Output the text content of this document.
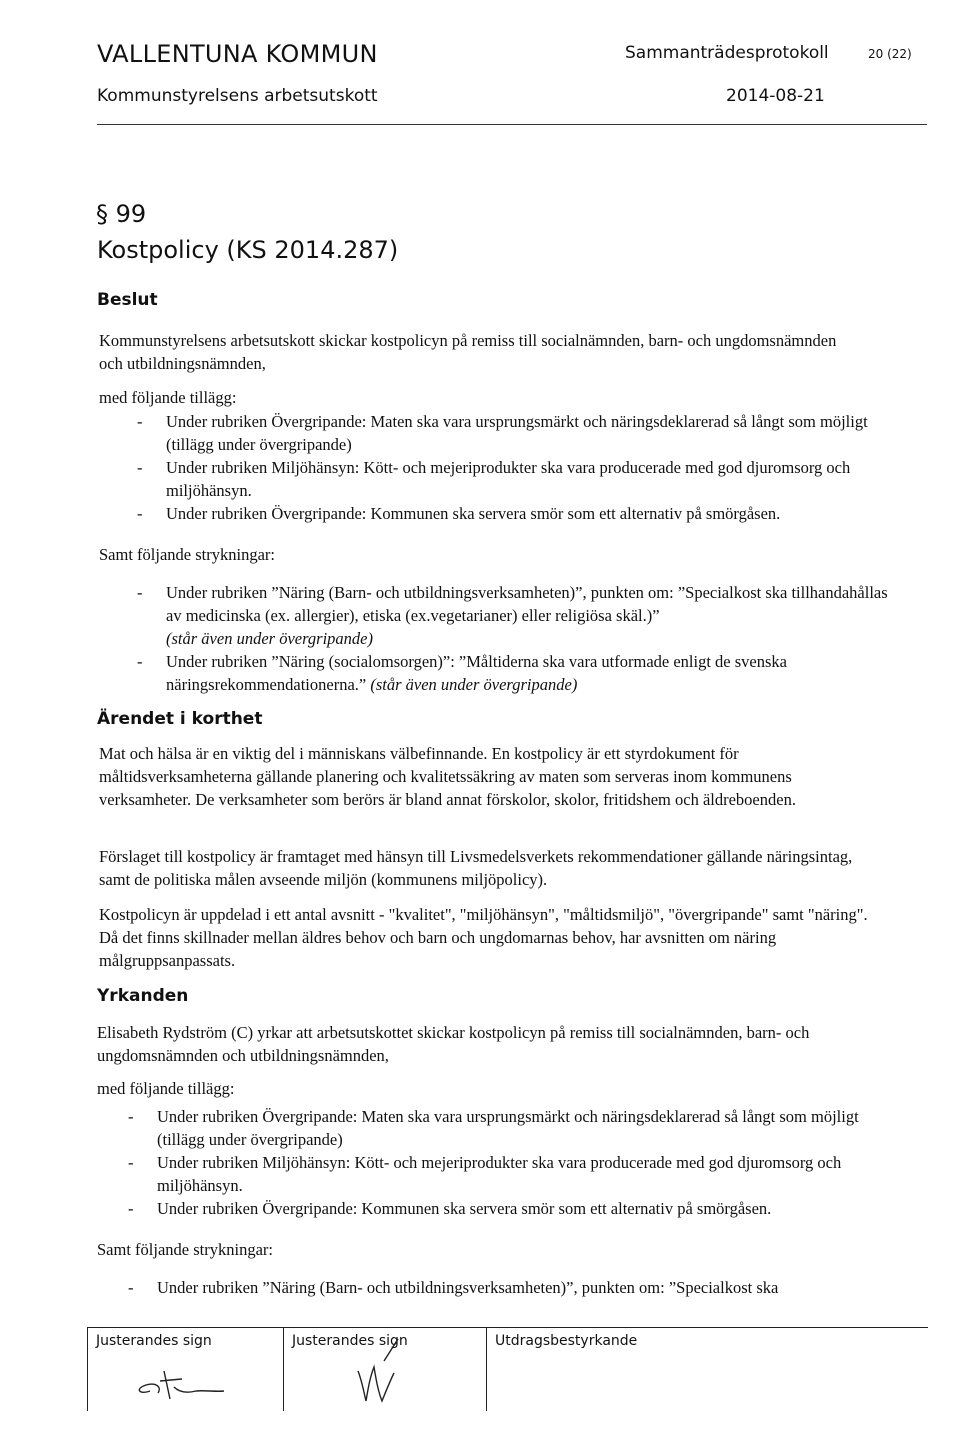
VALLENTUNA KOMMUN	Sammanträdesprotokoll	20 (22)
Kommunstyrelsens arbetsutskott	2014-08-21
§ 99
Kostpolicy (KS 2014.287)
Beslut

Kommunstyrelsens arbetsutskott skickar kostpolicyn på remiss till socialnämnden, barn- och ungdomsnämnden och utbildningsnämnden,

med följande tillägg:

- Under rubriken Övergripande: Maten ska vara ursprungsmärkt och näringsdeklarerad så långt som möjligt (tillägg under övergripande)
- Under rubriken Miljöhänsyn: Kött- och mejeriprodukter ska vara producerade med god djuromsorg och miljöhänsyn.
- Under rubriken Övergripande: Kommunen ska servera smör som ett alternativ på smörgåsen.

Samt följande strykningar:

- Under rubriken ”Näring (Barn- och utbildningsverksamheten)”, punkten om: ”Specialkost ska tillhandahållas av medicinska (ex. allergier), etiska (ex.vegetarianer) eller religiösa skäl.)”
(står även under övergripande)
- Under rubriken ”Näring (socialomsorgen)”: ”Måltiderna ska vara utformade enligt de svenska näringsrekommendationerna.” (står även under övergripande)
Ärendet i korthet

Mat och hälsa är en viktig del i människans välbefinnande. En kostpolicy är ett styrdokument för måltidsverksamheterna gällande planering och kvalitetssäkring av maten som serveras inom kommunens verksamheter. De verksamheter som berörs är bland annat förskolor, skolor, fritidshem och äldreboenden.

Förslaget till kostpolicy är framtaget med hänsyn till Livsmedelsverkets rekommendationer gällande näringsintag, samt de politiska målen avseende miljön (kommunens miljöpolicy).

Kostpolicyn är uppdelad i ett antal avsnitt - "kvalitet", "miljöhänsyn", "måltidsmiljö", "övergripande" samt "näring". Då det finns skillnader mellan äldres behov och barn och ungdomarnas behov, har avsnitten om näring målgruppsanpassats.

Yrkanden

Elisabeth Rydström (C) yrkar att arbetsutskottet skickar kostpolicyn på remiss till socialnämnden, barn- och ungdomsnämnden och utbildningsnämnden,

med följande tillägg:

- Under rubriken Övergripande: Maten ska vara ursprungsmärkt och näringsdeklarerad så långt som möjligt (tillägg under övergripande)
- Under rubriken Miljöhänsyn: Kött- och mejeriprodukter ska vara producerade med god djuromsorg och miljöhänsyn.
- Under rubriken Övergripande: Kommunen ska servera smör som ett alternativ på smörgåsen.

Samt följande strykningar:

- Under rubriken ”Näring (Barn- och utbildningsverksamheten)”, punkten om: ”Specialkost ska
Justerandes sign	Justerandes sign	Utdragsbestyrkande
